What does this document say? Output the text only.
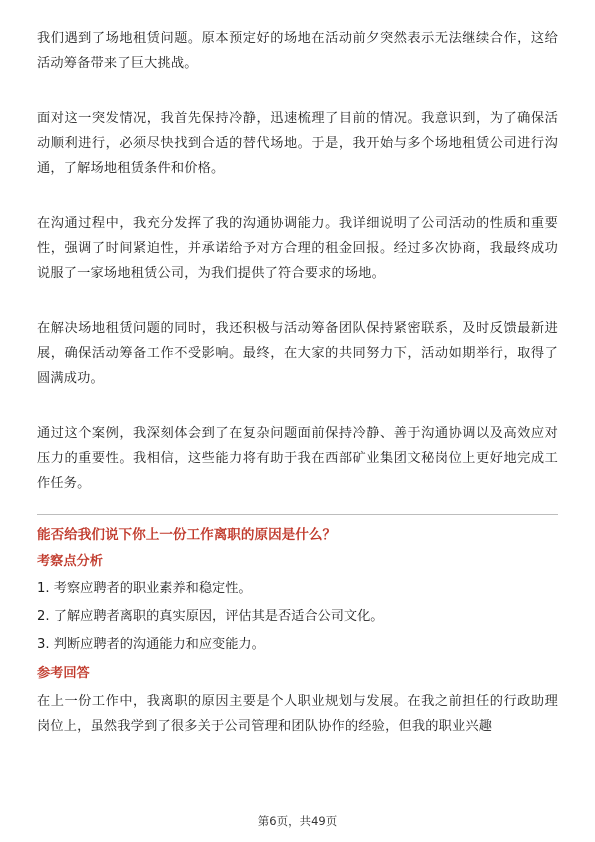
我们遇到了场地租赁问题。原本预定好的场地在活动前夕突然表示无法继续合作，这给活动筹备带来了巨大挑战。

面对这一突发情况，我首先保持冷静，迅速梳理了目前的情况。我意识到，为了确保活动顺利进行，必须尽快找到合适的替代场地。于是，我开始与多个场地租赁公司进行沟通，了解场地租赁条件和价格。

在沟通过程中，我充分发挥了我的沟通协调能力。我详细说明了公司活动的性质和重要性，强调了时间紧迫性，并承诺给予对方合理的租金回报。经过多次协商，我最终成功说服了一家场地租赁公司，为我们提供了符合要求的场地。

在解决场地租赁问题的同时，我还积极与活动筹备团队保持紧密联系，及时反馈最新进展，确保活动筹备工作不受影响。最终，在大家的共同努力下，活动如期举行，取得了圆满成功。

通过这个案例，我深刻体会到了在复杂问题面前保持冷静、善于沟通协调以及高效应对压力的重要性。我相信，这些能力将有助于我在西部矿业集团文秘岗位上更好地完成工作任务。

能否给我们说下你上一份工作离职的原因是什么？
考察点分析
1. 考察应聘者的职业素养和稳定性。
2. 了解应聘者离职的真实原因，评估其是否适合公司文化。
3. 判断应聘者的沟通能力和应变能力。
参考回答

在上一份工作中，我离职的原因主要是个人职业规划与发展。在我之前担任的行政助理岗位上，虽然我学到了很多关于公司管理和团队协作的经验，但我的职业兴趣

第6页，共49页
